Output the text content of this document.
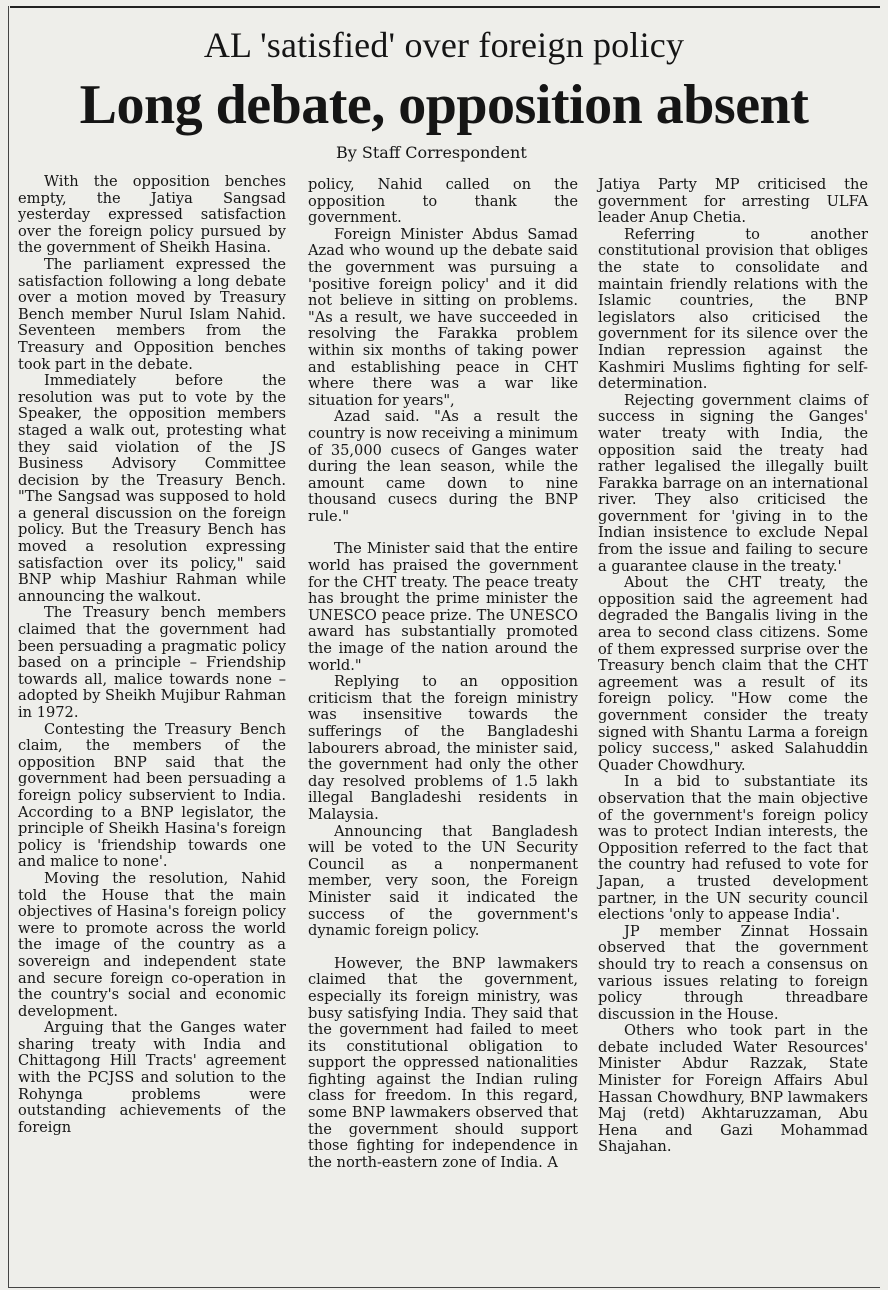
AL 'satisfied' over foreign policy
Long debate, opposition absent
By Staff Correspondent

With the opposition benches empty, the Jatiya Sangsad yesterday expressed satisfaction over the foreign policy pursued by the government of Sheikh Hasina.

The parliament expressed the satisfaction following a long debate over a motion moved by Treasury Bench member Nurul Islam Nahid. Seventeen members from the Treasury and Opposition benches took part in the debate.

Immediately before the resolution was put to vote by the Speaker, the opposition members staged a walk out, protesting what they said violation of the JS Business Advisory Committee decision by the Treasury Bench. "The Sangsad was supposed to hold a general discussion on the foreign policy. But the Treasury Bench has moved a resolution expressing satisfaction over its policy," said BNP whip Mashiur Rahman while announcing the walkout.

The Treasury bench members claimed that the government had been persuading a pragmatic policy based on a principle – Friendship towards all, malice towards none – adopted by Sheikh Mujibur Rahman in 1972.

Contesting the Treasury Bench claim, the members of the opposition BNP said that the government had been persuading a foreign policy subservient to India. According to a BNP legislator, the principle of Sheikh Hasina's foreign policy is 'friendship towards one and malice to none'.

Moving the resolution, Nahid told the House that the main objectives of Hasina's foreign policy were to promote across the world the image of the country as a sovereign and independent state and secure foreign co-operation in the country's social and economic development.

Arguing that the Ganges water sharing treaty with India and Chittagong Hill Tracts' agreement with the PCJSS and solution to the Rohynga problems were outstanding achievements of the foreign

policy, Nahid called on the opposition to thank the government.

Foreign Minister Abdus Samad Azad who wound up the debate said the government was pursuing a 'positive foreign policy' and it did not believe in sitting on problems. "As a result, we have succeeded in resolving the Farakka problem within six months of taking power and establishing peace in CHT where there was a war like situation for years",

Azad said. "As a result the country is now receiving a minimum of 35,000 cusecs of Ganges water during the lean season, while the amount came down to nine thousand cusecs during the BNP rule."

The Minister said that the entire world has praised the government for the CHT treaty. The peace treaty has brought the prime minister the UNESCO peace prize. The UNESCO award has substantially promoted the image of the nation around the world."

Replying to an opposition criticism that the foreign ministry was insensitive towards the sufferings of the Bangladeshi labourers abroad, the minister said, the government had only the other day resolved problems of 1.5 lakh illegal Bangladeshi residents in Malaysia.

Announcing that Bangladesh will be voted to the UN Security Council as a nonpermanent member, very soon, the Foreign Minister said it indicated the success of the government's dynamic foreign policy.

However, the BNP lawmakers claimed that the government, especially its foreign ministry, was busy satisfying India. They said that the government had failed to meet its constitutional obligation to support the oppressed nationalities fighting against the Indian ruling class for freedom. In this regard, some BNP lawmakers observed that the government should support those fighting for independence in the north-eastern zone of India. A

Jatiya Party MP criticised the government for arresting ULFA leader Anup Chetia.

Referring to another constitutional provision that obliges the state to consolidate and maintain friendly relations with the Islamic countries, the BNP legislators also criticised the government for its silence over the Indian repression against the Kashmiri Muslims fighting for self-determination.

Rejecting government claims of success in signing the Ganges' water treaty with India, the opposition said the treaty had rather legalised the illegally built Farakka barrage on an international river. They also criticised the government for 'giving in to the Indian insistence to exclude Nepal from the issue and failing to secure a guarantee clause in the treaty.'

About the CHT treaty, the opposition said the agreement had degraded the Bangalis living in the area to second class citizens. Some of them expressed surprise over the Treasury bench claim that the CHT agreement was a result of its foreign policy. "How come the government consider the treaty signed with Shantu Larma a foreign policy success," asked Salahuddin Quader Chowdhury.

In a bid to substantiate its observation that the main objective of the government's foreign policy was to protect Indian interests, the Opposition referred to the fact that the country had refused to vote for Japan, a trusted development partner, in the UN security council elections 'only to appease India'.

JP member Zinnat Hossain observed that the government should try to reach a consensus on various issues relating to foreign policy through threadbare discussion in the House.

Others who took part in the debate included Water Resources' Minister Abdur Razzak, State Minister for Foreign Affairs Abul Hassan Chowdhury, BNP lawmakers Maj (retd) Akhtaruzzaman, Abu Hena and Gazi Mohammad Shajahan.
